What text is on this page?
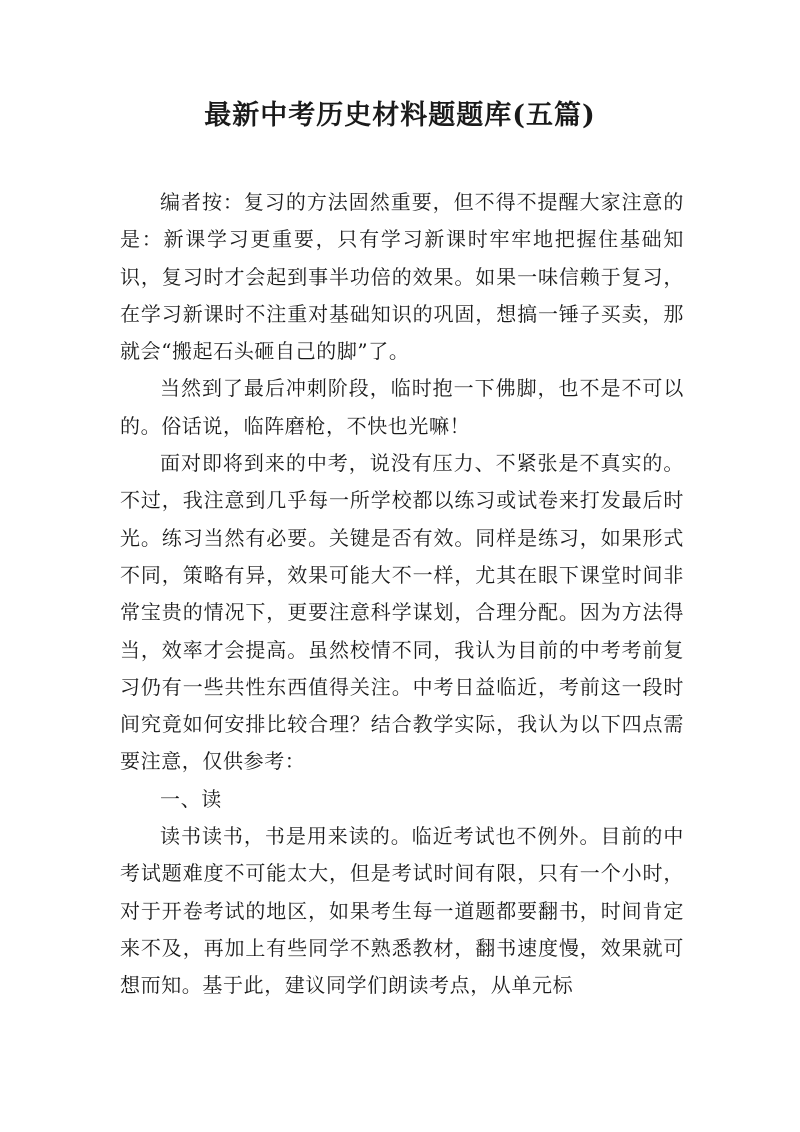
最新中考历史材料题题库(五篇)

编者按：复习的方法固然重要，但不得不提醒大家注意的是：新课学习更重要，只有学习新课时牢牢地把握住基础知识，复习时才会起到事半功倍的效果。如果一味信赖于复习，在学习新课时不注重对基础知识的巩固，想搞一锤子买卖，那就会“搬起石头砸自己的脚”了。

当然到了最后冲刺阶段，临时抱一下佛脚，也不是不可以的。俗话说，临阵磨枪，不快也光嘛！

面对即将到来的中考，说没有压力、不紧张是不真实的。不过，我注意到几乎每一所学校都以练习或试卷来打发最后时光。练习当然有必要。关键是否有效。同样是练习，如果形式不同，策略有异，效果可能大不一样，尤其在眼下课堂时间非常宝贵的情况下，更要注意科学谋划，合理分配。因为方法得当，效率才会提高。虽然校情不同，我认为目前的中考考前复习仍有一些共性东西值得关注。中考日益临近，考前这一段时间究竟如何安排比较合理？结合教学实际，我认为以下四点需要注意，仅供参考：

一、读

读书读书，书是用来读的。临近考试也不例外。目前的中考试题难度不可能太大，但是考试时间有限，只有一个小时，对于开卷考试的地区，如果考生每一道题都要翻书，时间肯定来不及，再加上有些同学不熟悉教材，翻书速度慢，效果就可想而知。基于此，建议同学们朗读考点，从单元标
